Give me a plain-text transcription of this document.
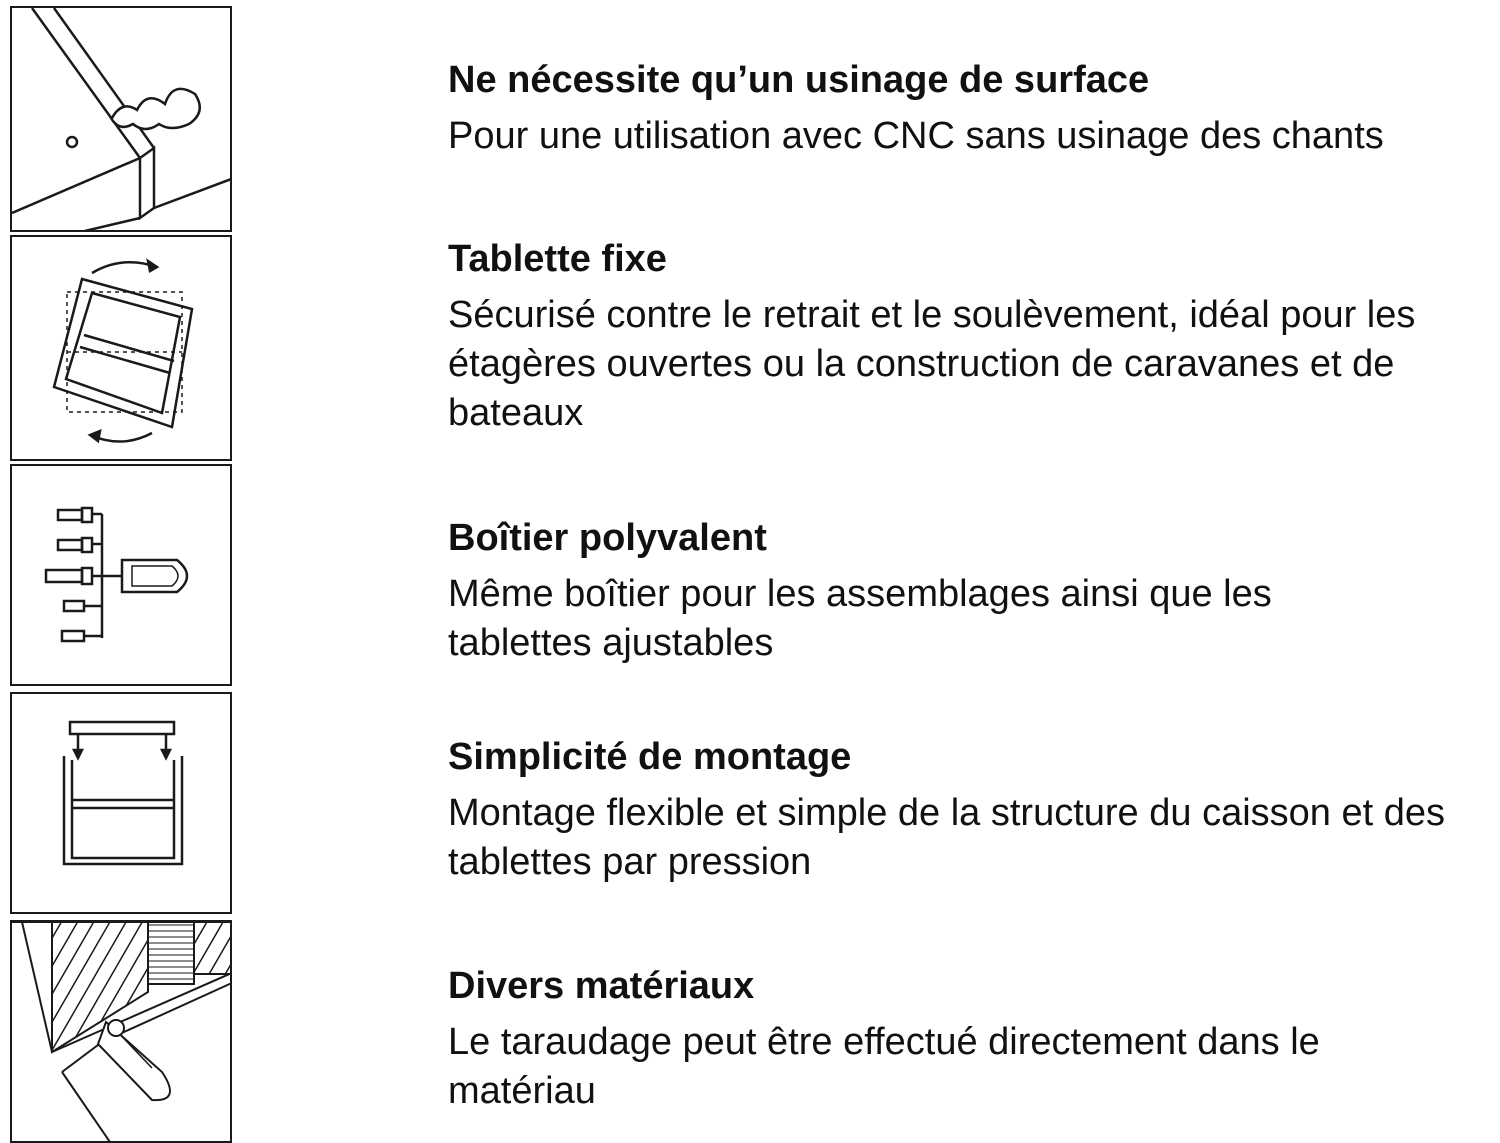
Ne nécessite qu’un usinage de surface

Pour une utilisation avec CNC sans usinage des chants

Tablette fixe

Sécurisé contre le retrait et le soulèvement, idéal pour les étagères ouvertes ou la construction de caravanes et de bateaux

Boîtier polyvalent

Même boîtier pour les assemblages ainsi que les tablettes ajustables

Simplicité de montage

Montage flexible et simple de la structure du caisson et des tablettes par pression

Divers matériaux

Le taraudage peut être effectué directement dans le matériau
